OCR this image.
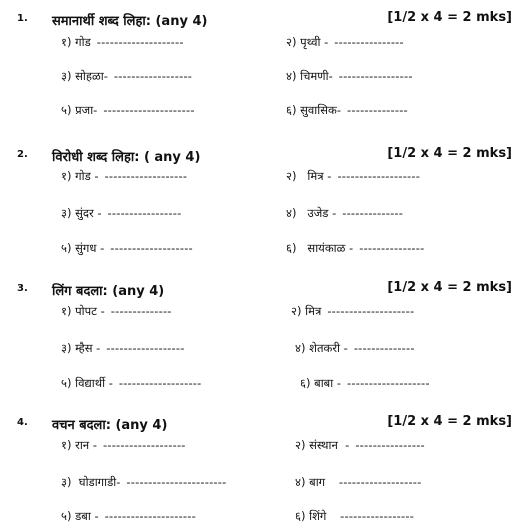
1. समानार्थी शब्द लिहा: (any 4)	[1/2 x 4 = 2 mks]
१) गोड --------------------	२) पृथ्वी - ----------------
३) सोहळा- ------------------	४) चिमणी- -----------------
५) प्रजा- ---------------------	६) सुवासिक- --------------
2. विरोधी शब्द लिहा: ( any 4)	[1/2 x 4 = 2 mks]
१) गोड - -------------------	२)   मित्र - -------------------
३) सुंदर - -----------------	४)   उजेड - --------------
५) सुंगध - -------------------	६)   सायंकाळ - ---------------
3. लिंग बदला: (any 4)	[1/2 x 4 = 2 mks]
१) पोपट - --------------	२) मित्र --------------------
३) म्हैस - ------------------	४) शेतकरी - --------------
५) विद्यार्थी - -------------------	६) बाबा - -------------------
4. वचन बदला: (any 4)	[1/2 x 4 = 2 mks]
१) रान - -------------------	२) संस्थान  - ----------------
३)  घोडागाडी- -----------------------	४) बाग  -------------------
५) डबा - ---------------------	६) शिंगे  -----------------
